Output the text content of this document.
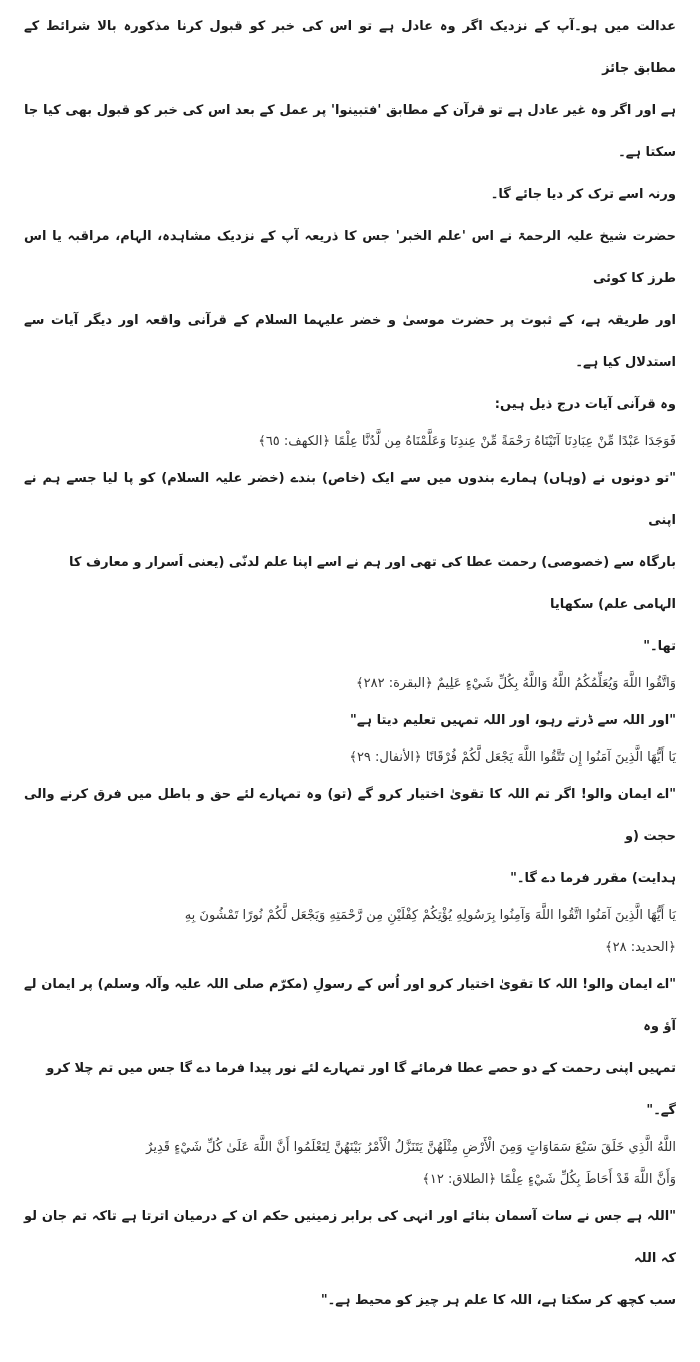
عدالت میں ہو۔آپ کے نزدیک اگر وہ عادل ہے تو اس کی خبر کو قبول کرنا مذکورہ بالا شرائط کے مطابق جائز

ہے اور اگر وہ غیر عادل ہے تو قرآن کے مطابق 'فتبینوا' پر عمل کے بعد اس کی خبر کو قبول بھی کیا جا سکتا ہے۔

ورنہ اسے ترک کر دیا جائے گا۔

حضرت شیخ علیہ الرحمۃ نے اس 'علم الخبر' جس کا ذریعہ آپ کے نزدیک مشاہدہ، الہام، مراقبہ یا اس طرز کا کوئی

اور طریقہ ہے، کے ثبوت پر حضرت موسیٰ و خضر علیہما السلام کے قرآنی واقعہ اور دیگر آیات سے استدلال کیا ہے۔

وہ قرآنی آیات درج ذیل ہیں:

فَوَجَدَا عَبْدًا مِّنْ عِبَادِنَا آتَيْنَاهُ رَحْمَةً مِّنْ عِندِنَا وَعَلَّمْنَاهُ مِن لَّدُنَّا عِلْمًا ﴿الكهف: ٦٥﴾

"تو دونوں نے (وہاں) ہمارے بندوں میں سے ایک (خاص) بندے (خضر علیہ السلام) کو پا لیا جسے ہم نے اپنی

بارگاہ سے (خصوصی) رحمت عطا کی تھی اور ہم نے اسے اپنا علم لدنّی (یعنی اَسرار و معارف کا الہامی علم) سکھایا

تھا۔"

وَاتَّقُوا اللَّهَ وَيُعَلِّمُكُمُ اللَّهُ وَاللَّهُ بِكُلِّ شَيْءٍ عَلِيمٌ ﴿البقرة: ٢٨٢﴾

"اور اللہ سے ڈرتے رہو، اور اللہ تمہیں تعلیم دیتا ہے"

يَا أَيُّهَا الَّذِينَ آمَنُوا إِن تَتَّقُوا اللَّهَ يَجْعَل لَّكُمْ فُرْقَانًا ﴿الأنفال: ٢٩﴾

"اے ایمان والو! اگر تم اللہ کا تقویٰ اختیار کرو گے (تو) وہ تمہارے لئے حق و باطل میں فرق کرنے والی حجت (و

ہدایت) مقرر فرما دے گا۔"

يَا أَيُّهَا الَّذِينَ آمَنُوا اتَّقُوا اللَّهَ وَآمِنُوا بِرَسُولِهِ يُؤْتِكُمْ كِفْلَيْنِ مِن رَّحْمَتِهِ وَيَجْعَل لَّكُمْ نُورًا تَمْشُونَ بِهِ

﴿الحديد: ٢٨﴾

"اے ایمان والو! اللہ کا تقویٰ اختیار کرو اور اُس کے رسولِ (مکرّم صلی اللہ علیہ وآلہ وسلم) پر ایمان لے آؤ وہ

تمہیں اپنی رحمت کے دو حصے عطا فرمائے گا اور تمہارے لئے نور پیدا فرما دے گا جس میں تم چلا کرو گے۔"

اللَّهُ الَّذِي خَلَقَ سَبْعَ سَمَاوَاتٍ وَمِنَ الْأَرْضِ مِثْلَهُنَّ يَتَنَزَّلُ الْأَمْرُ بَيْنَهُنَّ لِتَعْلَمُوا أَنَّ اللَّهَ عَلَىٰ كُلِّ شَيْءٍ قَدِيرٌ

وَأَنَّ اللَّهَ قَدْ أَحَاطَ بِكُلِّ شَيْءٍ عِلْمًا ﴿الطلاق: ١٢﴾

"اللہ ہے جس نے سات آسمان بنائے اور انہی کی برابر زمینیں حکم ان کے درمیان اترتا ہے تاکہ تم جان لو کہ اللہ

سب کچھ کر سکتا ہے، اللہ کا علم ہر چیز کو محیط ہے۔"
